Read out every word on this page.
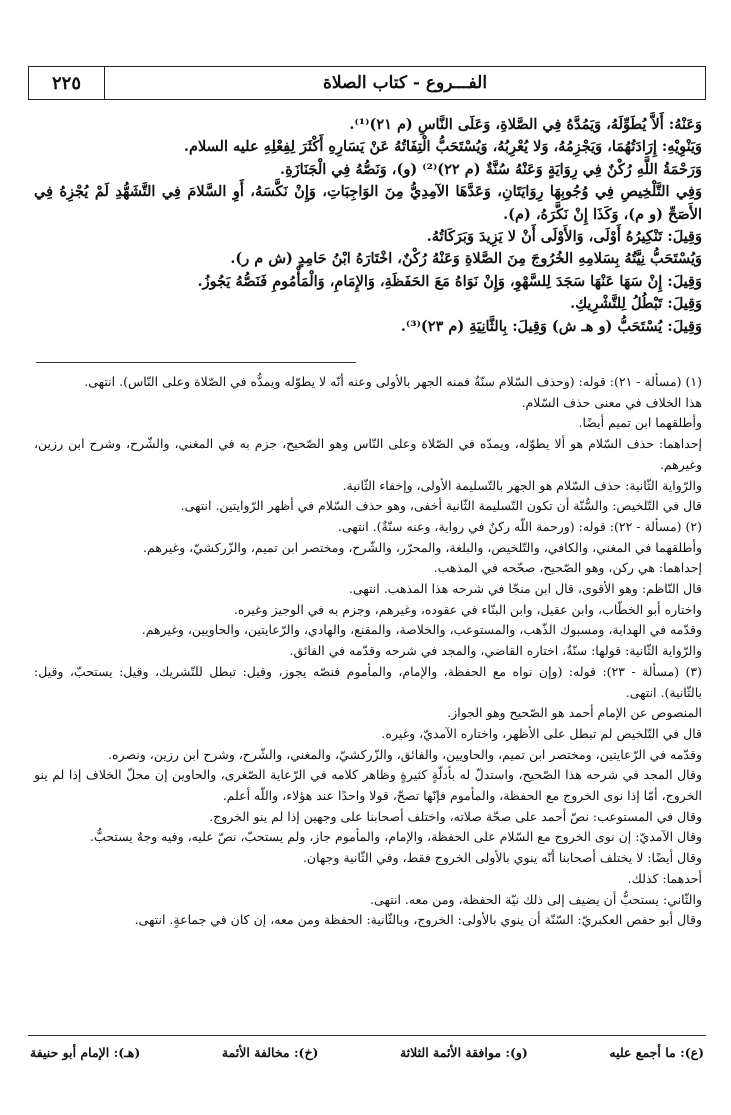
الفـــروع - كتاب الصلاة
٢٢٥

وَعَنْهُ: أَلاَّ يُطَوِّلَهُ، وَيَمُدَّهُ فِي الصَّلاةِ، وَعَلَى النَّاسِ (م ٢١)⁽¹⁾.

وَيَنْوِيْهِ: إِرَادَتُهُمَا، وَيَجْزِمُهُ، وَلا يُعْرِبُهُ، وَيُسْتَحَبُّ الْتِفَاتُهُ عَنْ يَسَارِهِ أَكْثَرَ لِفِعْلِهِ عليه السلام.

وَرَحْمَةُ اللَّهِ رُكْنٌ فِي رِوَايَةٍ وَعَنْهُ سُنَّةٌ (م ٢٢)⁽²⁾ (و)، وَنَصُّهُ فِي الْجَنَازَةِ.

وَفِي التَّلْخِيصِ فِي وُجُوبِهَا رِوَايَتَانِ، وَعَدَّهَا الآمِدِيُّ مِنَ الوَاجِبَاتِ، وَإِنْ نَكَّسَهُ، أَوِ السَّلامَ فِي التَّشَهُّدِ لَمْ يُجْزِهُ فِي الأَصَحِّ (و م)، وَكَذَا إِنْ نَكَّرَهُ، (م).

وَقِيلَ: تَنْكِيرُهُ أَوْلَى، وَالأَوْلَى أَنْ لا يَزِيدَ وَبَرَكَاتُهُ.

وَيُسْتَحَبُّ نِيَّتُهُ بِسَلامِهِ الخُرُوجَ مِنَ الصَّلاةِ وَعَنْهُ رُكْنٌ، اخْتَارَهُ ابْنُ حَامِدٍ (ش م ر).

وَقِيلَ: إِنْ سَهَا عَنْهَا سَجَدَ لِلسَّهْوِ، وَإِنْ نَوَاهُ مَعَ الحَفَظَةِ، وَالإِمَامِ، وَالْمَأْمُومِ فَنَصُّهُ يَجُوزُ.

وَقِيلَ: تَبْطُلُ لِلتَّشْرِيكِ.

وَقِيلَ: يُسْتَحَبُّ (و هـ ش) وَقِيلَ: بِالثَّانِيَةِ (م ٢٣)⁽³⁾.

(١) (مسألة - ٢١): قوله: (وحذف السّلام سنّةٌ فمنه الجهر بالأولى وعنه أنّه لا يطوّله ويمدُّه في الصّلاة وعلى النّاس). انتهى.

هذا الخلاف في معنى حذف السّلام.

وأطلقهما ابن تميم أيضًا.

إحداهما: حذف السّلام هو ألا يطوّله، ويمدّه في الصّلاة وعلى النّاس وهو الصّحيح، جزم به في المغني، والشّرح، وشرح ابن رزين، وغيرهم.

والرّواية الثّانية: حذف السّلام هو الجهر بالتّسليمة الأولى، وإخفاء الثّانية.

قال في التّلخيص: والسُّنّة أن تكون التّسليمة الثّانية أخفى، وهو حذف السّلام في أظهر الرّوايتين. انتهى.

(٢) (مسألة - ٢٢): قوله: (ورحمة اللّه ركنٌ في رواية، وعنه سنّةٌ). انتهى.

وأطلقهما في المغني، والكافي، والتّلخيص، والبلغة، والمحرّر، والشّرح، ومختصر ابن تميم، والزّركشيّ، وغيرهم.

إحداهما: هي ركن، وهو الصّحيح، صحّحه في المذهب.

قال النّاظم: وهو الأقوى، قال ابن منجّا في شرحه هذا المذهب. انتهى.

واختاره أبو الخطّاب، وابن عقيل، وابن البنّاء في عقوده، وغيرهم، وجزم به في الوجيز وغيره.

وقدّمه في الهداية، ومسبوك الذّهب، والمستوعب، والخلاصة، والمقنع، والهادي، والرّعايتين، والحاويين، وغيرهم.

والرّواية الثّانية: قولها: سنّةٌ، اختاره القاضي، والمجد في شرحه وقدّمه في الفائق.

(٣) (مسألة - ٢٣): قوله: (وإن نواه مع الحفظة، والإمام، والمأموم فنصّه يجوز، وقيل: تبطل للتّشريك، وقيل: يستحبّ، وقيل: بالثّانية). انتهى.

المنصوص عن الإمام أحمد هو الصّحيح وهو الجواز.

قال في التّلخيص لم تبطل على الأظهر، واختاره الآمديّ، وغيره.

وقدّمه في الرّعايتين، ومختصر ابن تميم، والحاويين، والفائق، والزّركشيّ، والمغني، والشّرح، وشرح ابن رزين، ونصره.

وقال المجد في شرحه هذا الصّحيح، واستدلّ له بأدلّةٍ كثيرةٍ وظاهر كلامه في الرّعاية الصّغرى، والحاوين إن محلّ الخلاف إذا لم ينو الخروج، أمّا إذا نوى الخروج مع الحفظة، والمأموم فإنّها تصحّ، قولا واحدًا عند هؤلاء، واللّه أعلم.

وقال في المستوعب: نصّ أحمد على صحّة صلاته، واختلف أصحابنا على وجهين إذا لم ينو الخروج.

وقال الآمديّ: إن نوى الخروج مع السّلام على الحفظة، والإمام، والمأموم جاز، ولم يستحبّ، نصّ عليه، وفيه وجهٌ يستحبُّ.

وقال أيضًا: لا يختلف أصحابنا أنّه ينوي بالأولى الخروج فقط، وفي الثّانية وجهان.

أحدهما: كذلك.

والثّاني: يستحبُّ أن يضيف إلى ذلك نيّة الحفظة، ومن معه. انتهى.

وقال أبو حفص العكبريّ: السّنّة أن ينوي بالأولى: الخروج، وبالثّانية: الحفظة ومن معه، إن كان في جماعةٍ. انتهى.

(ع): ما أجمع عليه
(و): موافقة الأئمة الثلاثة
(خ): مخالفة الأئمة
(هـ): الإمام أبو حنيفة
